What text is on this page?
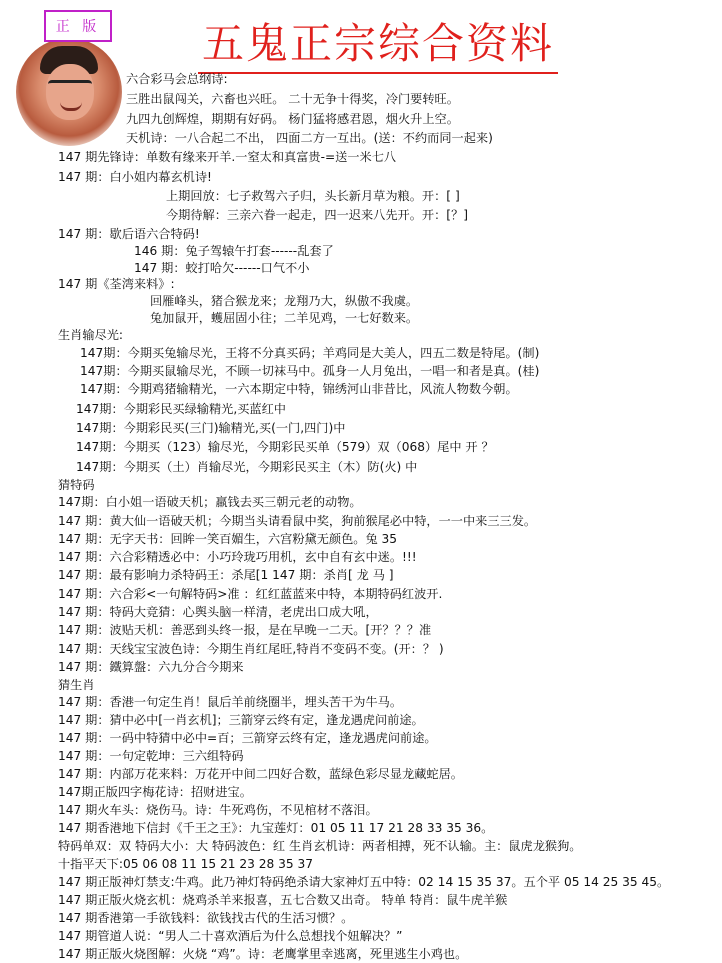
正 版 五鬼正宗综合资料
六合彩马会总纲诗:
三胜出鼠闯关，六畜也兴旺。 二十无争十得奖，冷门要转旺。
九四九创辉煌，期期有好码。 杨门猛将感君恩，烟火升上空。
天机诗：一八合起二不出， 四面二方一互出。(送：不约而同一起来)
147 期先锋诗：单数有缘来开羊.一窒太和真富贵-=送一米七八
147 期：白小姐内幕玄机诗!
上期回放：七子救驾六子归，头长新月草为粮。开：[ ]
今期待解：三亲六眷一起走，四一迟来八先开。开：[？]
147 期：歇后语六合特码!
146 期：兔子驾辕午打套------乱套了
147 期：蛟打哈欠------口气不小
147 期《荃湾来料》:
回雁峰头，猪合猴龙来；龙翔乃大，纵傲不我虞。
兔加鼠开，蠖屈固小往；二羊见鸡，一七好数来。
生肖输尽光:
147期：今期买兔输尽光，王将不分真买码；羊鸡同是大美人，四五二数是特尾。(制)
147期：今期买鼠输尽光，不顾一切袜马中。孤身一人月兔出，一唱一和者是真。(桂)
147期：今期鸡猪输精光，一六本期定中特，锦绣河山非昔比，风流人物数今朝。
147期：今期彩民买绿输精光,买蓝红中
147期：今期彩民买(三门)输精光,买(一门,四门)中
147期：今期买（123）输尽光，今期彩民买单（579）双（068）尾中 开 ？
147期：今期买（土）肖输尽光，今期彩民买主（木）防(火) 中
猜特码
147期：白小姐一语破天机；羸钱去买三朝元老的动物。
147 期：黄大仙一语破天机；今期当头请看鼠中奖，狗前猴尾必中特，一一中来三三发。
147 期：无字天书：回眸一笑百媚生，六宫粉黛无颜色。兔 35
147 期：六合彩精透必中：小巧玲珑巧用机，玄中自有玄中迷。!!!
147 期：最有影响力杀特码王：杀尾[1 147 期：杀肖[ 龙 马 ]
147 期：六合彩<一句解特码>准 ：红红蓝蓝来中特，本期特码红波开.
147 期：特码大竞猜：心舆头脑一样清，老虎出口成大吼，
147 期：波贴天机：善恶到头终一报，是在早晚一二天。[开？？？准
147 期：天线宝宝波色诗：今期生肖红尾旺,特肖不变码不变。(开：？ )
147 期：鐵算盤：六九分合今期来
猜生肖
147 期：香港一句定生肖！鼠后羊前绕圈半，埋头苦干为牛马。
147 期：猜中必中[一肖玄机]；三箭穿云终有定，逢龙遇虎问前途。
147 期：一码中特猜中必中=百；三箭穿云终有定，逢龙遇虎问前途。
147 期：一句定乾坤：三六组特码
147 期：内部万花来料：万花开中间二四好合数，蓝绿色彩尽显龙藏蛇居。
147期正版四字梅花诗：招财进宝。
147 期火车头：烧伤马。诗：牛死鸡伤，不见棺材不落泪。
147 期香港地下信封《千王之王》：九宝莲灯：01 05 11 17 21 28 33 35 36。
特码单双：双 特码大小：大 特码波色：红 生肖玄机诗：两者相搏，死不认输。主：鼠虎龙猴狗。
十指平天下:05 06 08 11 15 21 23 28 35 37
147 期正版神灯禁支:牛鸡。此乃神灯特码绝杀请大家神灯五中特：02 14 15 35 37。五个平 05 14 25 35 45。
147 期正版火烧玄机：烧鸡杀羊来报喜，五七合数又出奇。 特单 特肖：鼠牛虎羊猴
147 期香港第一手欲钱料：欲钱找古代的生活习惯？。
147 期管道人说：“男人二十喜欢酒后为什么总想找个妞解决？”
147 期正版火烧图解：火烧 “鸡”。诗：老鹰掌里幸逃离，死里逃生小鸡也。
